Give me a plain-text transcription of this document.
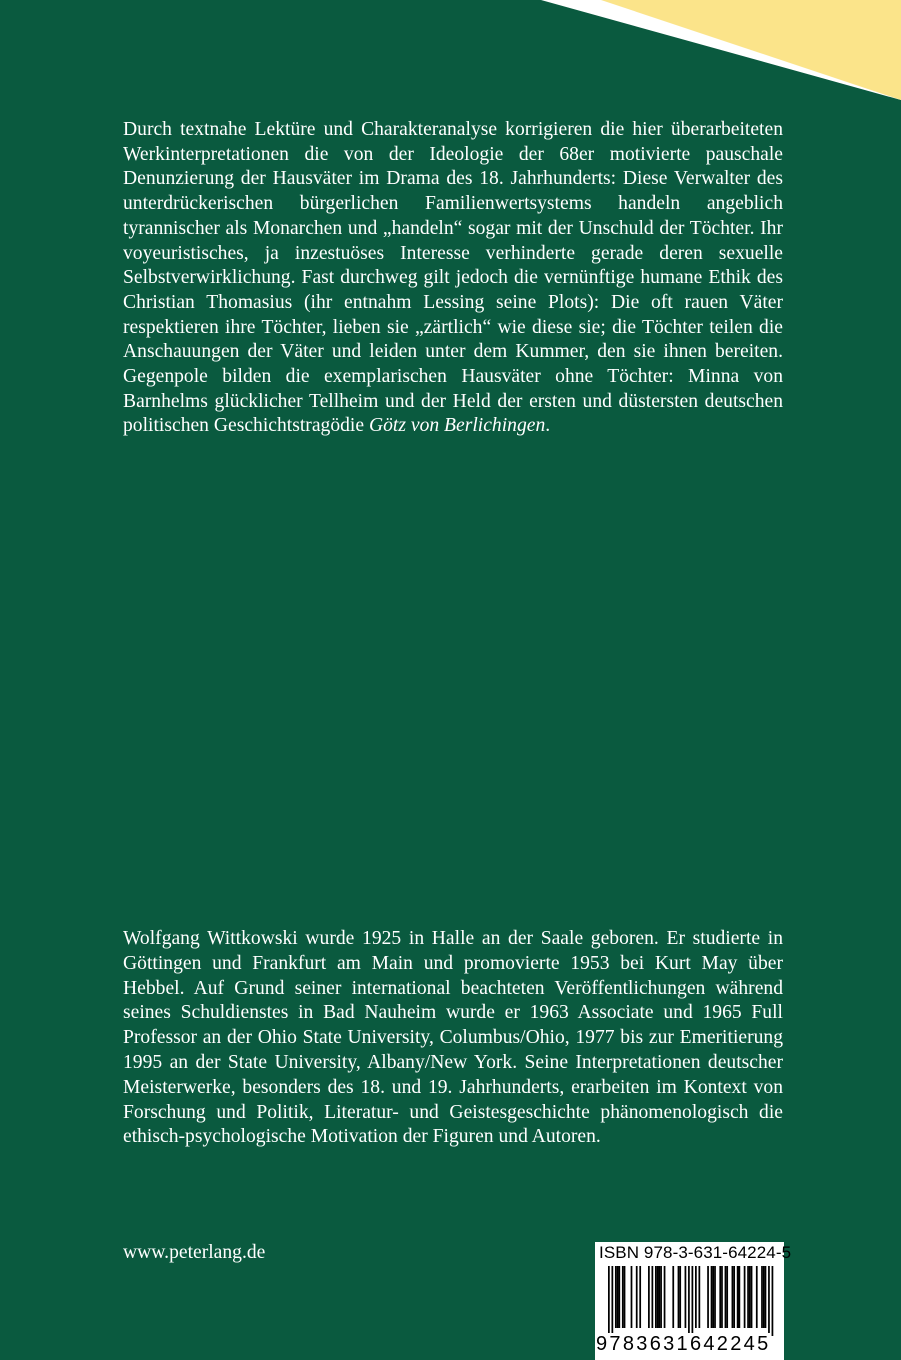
Durch textnahe Lektüre und Charakteranalyse korrigieren die hier überarbeiteten Werkinterpretationen die von der Ideologie der 68er motivierte pauschale Denunzierung der Hausväter im Drama des 18. Jahrhunderts: Diese Verwalter des unterdrückerischen bürgerlichen Familienwertsystems handeln angeblich tyrannischer als Monarchen und „handeln“ sogar mit der Unschuld der Töchter. Ihr voyeuristisches, ja inzestuöses Interesse verhinderte gerade deren sexuelle Selbstverwirklichung. Fast durchweg gilt jedoch die vernünftige humane Ethik des Christian Thomasius (ihr entnahm Lessing seine Plots): Die oft rauen Väter respektieren ihre Töchter, lieben sie „zärtlich“ wie diese sie; die Töchter teilen die Anschauungen der Väter und leiden unter dem Kummer, den sie ihnen bereiten. Gegenpole bilden die exemplarischen Hausväter ohne Töchter: Minna von Barnhelms glücklicher Tellheim und der Held der ersten und düstersten deutschen politischen Geschichtstragödie Götz von Berlichingen.
Wolfgang Wittkowski wurde 1925 in Halle an der Saale geboren. Er studierte in Göttingen und Frankfurt am Main und promovierte 1953 bei Kurt May über Hebbel. Auf Grund seiner international beachteten Veröffentlichungen während seines Schuldienstes in Bad Nauheim wurde er 1963 Associate und 1965 Full Professor an der Ohio State University, Columbus/Ohio, 1977 bis zur Emeritierung 1995 an der State University, Albany/New York. Seine Interpretationen deutscher Meisterwerke, besonders des 18. und 19. Jahrhunderts, erarbeiten im Kontext von Forschung und Politik, Literatur- und Geistesgeschichte phänomenologisch die ethisch-psychologische Motivation der Figuren und Autoren.
www.peterlang.de	ISBN 978-3-631-64224-5
9783631642245
